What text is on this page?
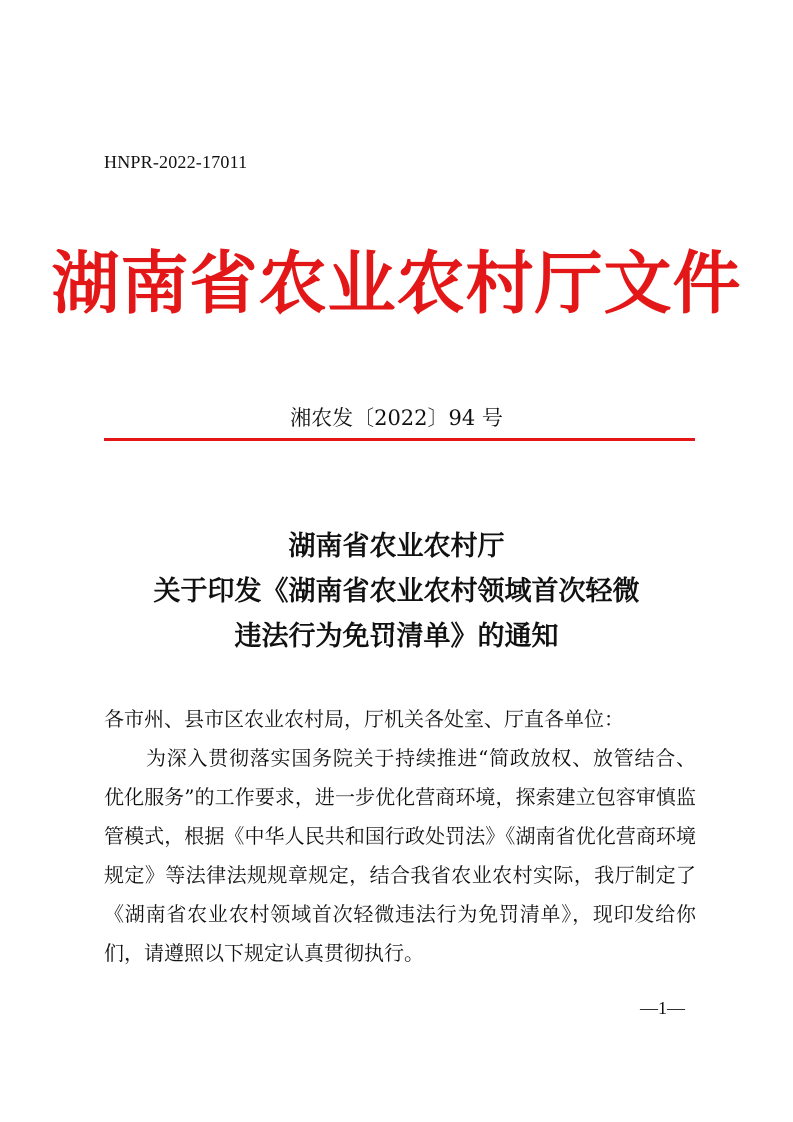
HNPR-2022-17011
湖南省农业农村厅文件
湘农发〔2022〕94 号
湖南省农业农村厅
关于印发《湖南省农业农村领域首次轻微
违法行为免罚清单》的通知

各市州、县市区农业农村局，厅机关各处室、厅直各单位：

为深入贯彻落实国务院关于持续推进“简政放权、放管结合、优化服务”的工作要求，进一步优化营商环境，探索建立包容审慎监管模式，根据《中华人民共和国行政处罚法》《湖南省优化营商环境规定》等法律法规规章规定，结合我省农业农村实际，我厅制定了《湖南省农业农村领域首次轻微违法行为免罚清单》，现印发给你们，请遵照以下规定认真贯彻执行。

—1—
